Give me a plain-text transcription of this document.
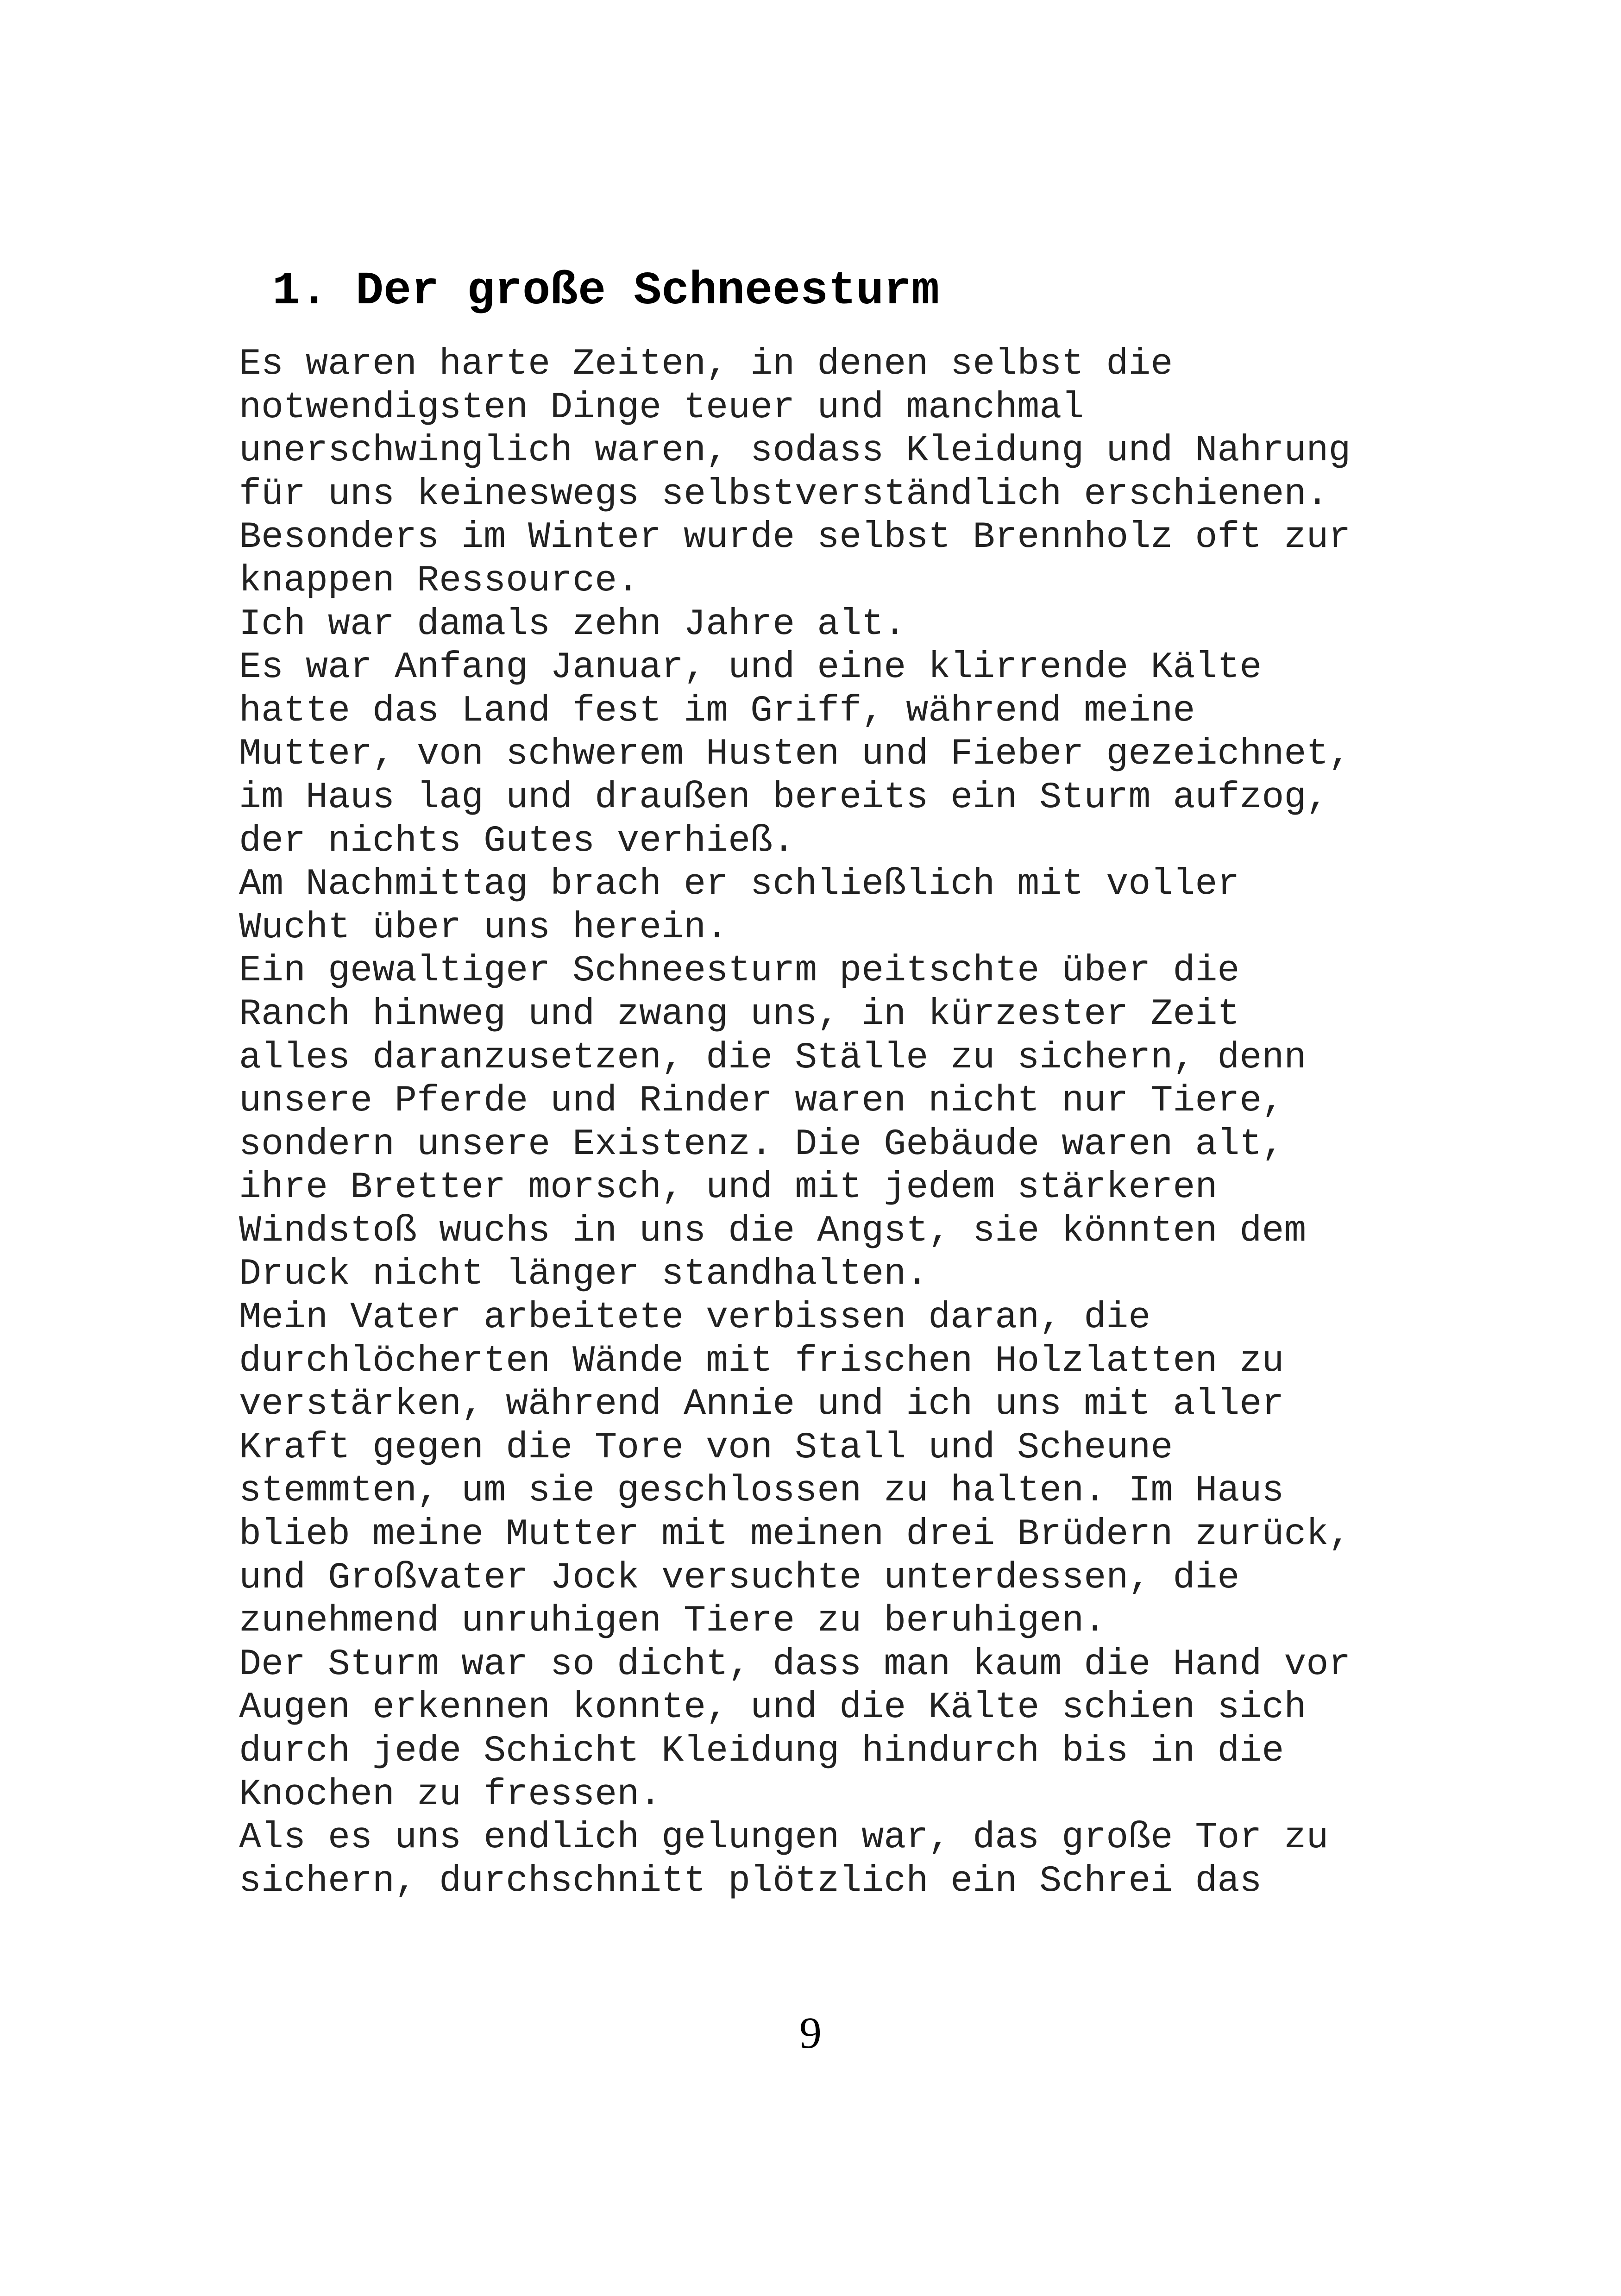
1. Der große Schneesturm
Es waren harte Zeiten, in denen selbst die
notwendigsten Dinge teuer und manchmal
unerschwinglich waren, sodass Kleidung und Nahrung
für uns keineswegs selbstverständlich erschienen.
Besonders im Winter wurde selbst Brennholz oft zur
knappen Ressource.
Ich war damals zehn Jahre alt.
Es war Anfang Januar, und eine klirrende Kälte
hatte das Land fest im Griff, während meine
Mutter, von schwerem Husten und Fieber gezeichnet,
im Haus lag und draußen bereits ein Sturm aufzog,
der nichts Gutes verhieß.
Am Nachmittag brach er schließlich mit voller
Wucht über uns herein.
Ein gewaltiger Schneesturm peitschte über die
Ranch hinweg und zwang uns, in kürzester Zeit
alles daranzusetzen, die Ställe zu sichern, denn
unsere Pferde und Rinder waren nicht nur Tiere,
sondern unsere Existenz. Die Gebäude waren alt,
ihre Bretter morsch, und mit jedem stärkeren
Windstoß wuchs in uns die Angst, sie könnten dem
Druck nicht länger standhalten.
Mein Vater arbeitete verbissen daran, die
durchlöcherten Wände mit frischen Holzlatten zu
verstärken, während Annie und ich uns mit aller
Kraft gegen die Tore von Stall und Scheune
stemmten, um sie geschlossen zu halten. Im Haus
blieb meine Mutter mit meinen drei Brüdern zurück,
und Großvater Jock versuchte unterdessen, die
zunehmend unruhigen Tiere zu beruhigen.
Der Sturm war so dicht, dass man kaum die Hand vor
Augen erkennen konnte, und die Kälte schien sich
durch jede Schicht Kleidung hindurch bis in die
Knochen zu fressen.
Als es uns endlich gelungen war, das große Tor zu
sichern, durchschnitt plötzlich ein Schrei das
9
